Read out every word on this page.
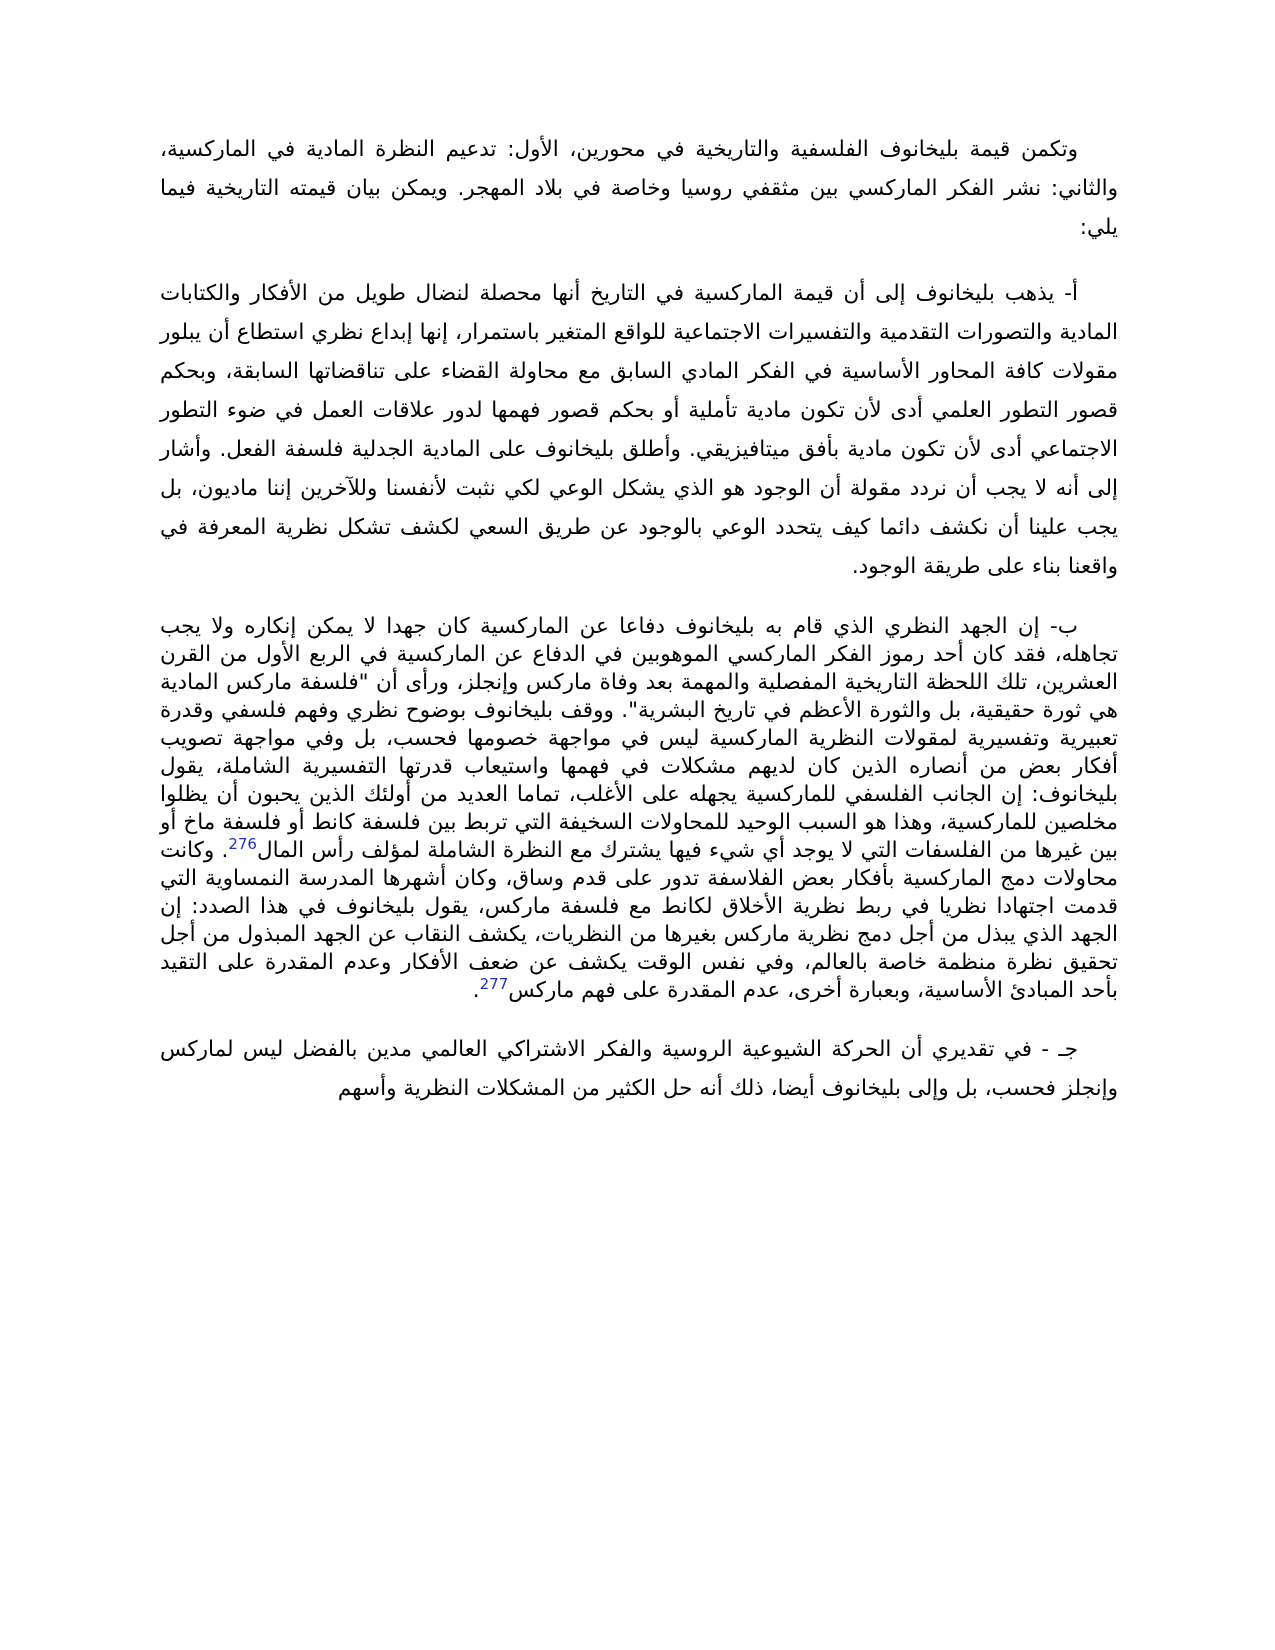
وتكمن قيمة بليخانوف الفلسفية والتاريخية في محورين، الأول: تدعيم النظرة المادية في الماركسية، والثاني: نشر الفكر الماركسي بين مثقفي روسيا وخاصة في بلاد المهجر. ويمكن بيان قيمته التاريخية فيما يلي:

أ- يذهب بليخانوف إلى أن قيمة الماركسية في التاريخ أنها محصلة لنضال طويل من الأفكار والكتابات المادية والتصورات التقدمية والتفسيرات الاجتماعية للواقع المتغير باستمرار، إنها إبداع نظري استطاع أن يبلور مقولات كافة المحاور الأساسية في الفكر المادي السابق مع محاولة القضاء على تناقضاتها السابقة، وبحكم قصور التطور العلمي أدى لأن تكون مادية تأملية أو بحكم قصور فهمها لدور علاقات العمل في ضوء التطور الاجتماعي أدى لأن تكون مادية بأفق ميتافيزيقي. وأطلق بليخانوف على المادية الجدلية فلسفة الفعل. وأشار إلى أنه لا يجب أن نردد مقولة أن الوجود هو الذي يشكل الوعي لكي نثبت لأنفسنا وللآخرين إننا ماديون، بل يجب علينا أن نكشف دائما كيف يتحدد الوعي بالوجود عن طريق السعي لكشف تشكل نظرية المعرفة في واقعنا بناء على طريقة الوجود.

ب- إن الجهد النظري الذي قام به بليخانوف دفاعا عن الماركسية كان جهدا لا يمكن إنكاره ولا يجب تجاهله، فقد كان أحد رموز الفكر الماركسي الموهوبين في الدفاع عن الماركسية في الربع الأول من القرن العشرين، تلك اللحظة التاريخية المفصلية والمهمة بعد وفاة ماركس وإنجلز، ورأى أن "فلسفة ماركس المادية هي ثورة حقيقية، بل والثورة الأعظم في تاريخ البشرية". ووقف بليخانوف بوضوح نظري وفهم فلسفي وقدرة تعبيرية وتفسيرية لمقولات النظرية الماركسية ليس في مواجهة خصومها فحسب، بل وفي مواجهة تصويب أفكار بعض من أنصاره الذين كان لديهم مشكلات في فهمها واستيعاب قدرتها التفسيرية الشاملة، يقول بليخانوف: إن الجانب الفلسفي للماركسية يجهله على الأغلب، تماما العديد من أولئك الذين يحبون أن يظلوا مخلصين للماركسية، وهذا هو السبب الوحيد للمحاولات السخيفة التي تربط بين فلسفة كانط أو فلسفة ماخ أو بين غيرها من الفلسفات التي لا يوجد أي شيء فيها يشترك مع النظرة الشاملة لمؤلف رأس المال$^{276}$. وكانت محاولات دمج الماركسية بأفكار بعض الفلاسفة تدور على قدم وساق، وكان أشهرها المدرسة النمساوية التي قدمت اجتهادا نظريا في ربط نظرية الأخلاق لكانط مع فلسفة ماركس، يقول بليخانوف في هذا الصدد: إن الجهد الذي يبذل من أجل دمج نظرية ماركس بغيرها من النظريات، يكشف النقاب عن الجهد المبذول من أجل تحقيق نظرة منظمة خاصة بالعالم، وفي نفس الوقت يكشف عن ضعف الأفكار وعدم المقدرة على التقيد بأحد المبادئ الأساسية، وبعبارة أخرى، عدم المقدرة على فهم ماركس$^{277}$.

جـ - في تقديري أن الحركة الشيوعية الروسية والفكر الاشتراكي العالمي مدين بالفضل ليس لماركس وإنجلز فحسب، بل وإلى بليخانوف أيضا، ذلك أنه حل الكثير من المشكلات النظرية وأسهم
